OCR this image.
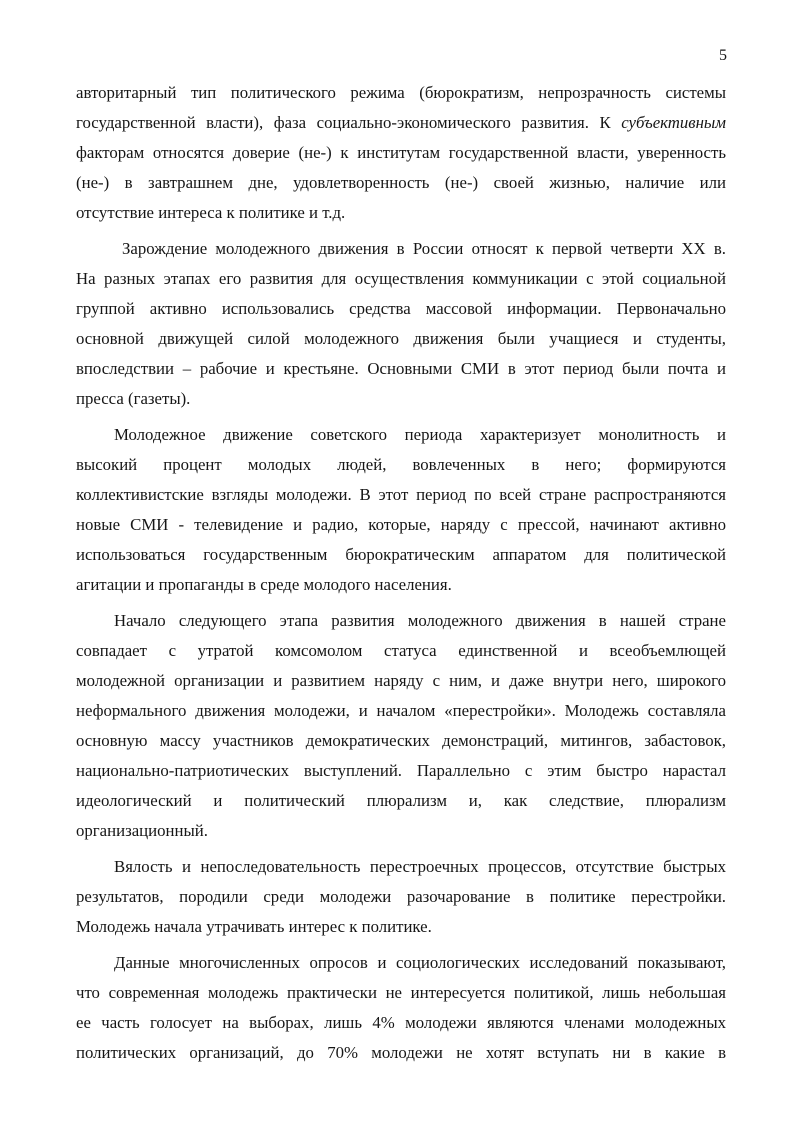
5
авторитарный тип политического режима (бюрократизм, непрозрачность системы
государственной власти), фаза социально-экономического развития. К субъективным
факторам относятся доверие (не-) к институтам государственной власти, уверенность
(не-) в завтрашнем дне, удовлетворенность (не-) своей жизнью, наличие или
отсутствие интереса к политике и т.д.
Зарождение молодежного движения в России относят к первой четверти XX в.
На разных этапах его развития для осуществления коммуникации с этой социальной
группой активно использовались средства массовой информации. Первоначально
основной движущей силой молодежного движения были учащиеся и студенты,
впоследствии – рабочие и крестьяне. Основными СМИ в этот период были почта и
пресса (газеты).
Молодежное движение советского периода характеризует монолитность и
высокий процент молодых людей, вовлеченных в него; формируются
коллективистские взгляды молодежи. В этот период по всей стране распространяются
новые СМИ - телевидение и радио, которые, наряду с прессой, начинают активно
использоваться государственным бюрократическим аппаратом для политической
агитации и пропаганды в среде молодого населения.
Начало следующего этапа развития молодежного движения в нашей стране
совпадает с утратой комсомолом статуса единственной и всеобъемлющей
молодежной организации и развитием наряду с ним, и даже внутри него, широкого
неформального движения молодежи, и началом «перестройки». Молодежь составляла
основную массу участников демократических демонстраций, митингов, забастовок,
национально-патриотических выступлений. Параллельно с этим быстро нарастал
идеологический и политический плюрализм и, как следствие, плюрализм
организационный.
Вялость и непоследовательность перестроечных процессов, отсутствие быстрых
результатов, породили среди молодежи разочарование в политике перестройки.
Молодежь начала утрачивать интерес к политике.
Данные многочисленных опросов и социологических исследований показывают,
что современная молодежь практически не интересуется политикой, лишь небольшая
ее часть голосует на выборах, лишь 4% молодежи являются членами молодежных
политических организаций, до 70% молодежи не хотят вступать ни в какие в
